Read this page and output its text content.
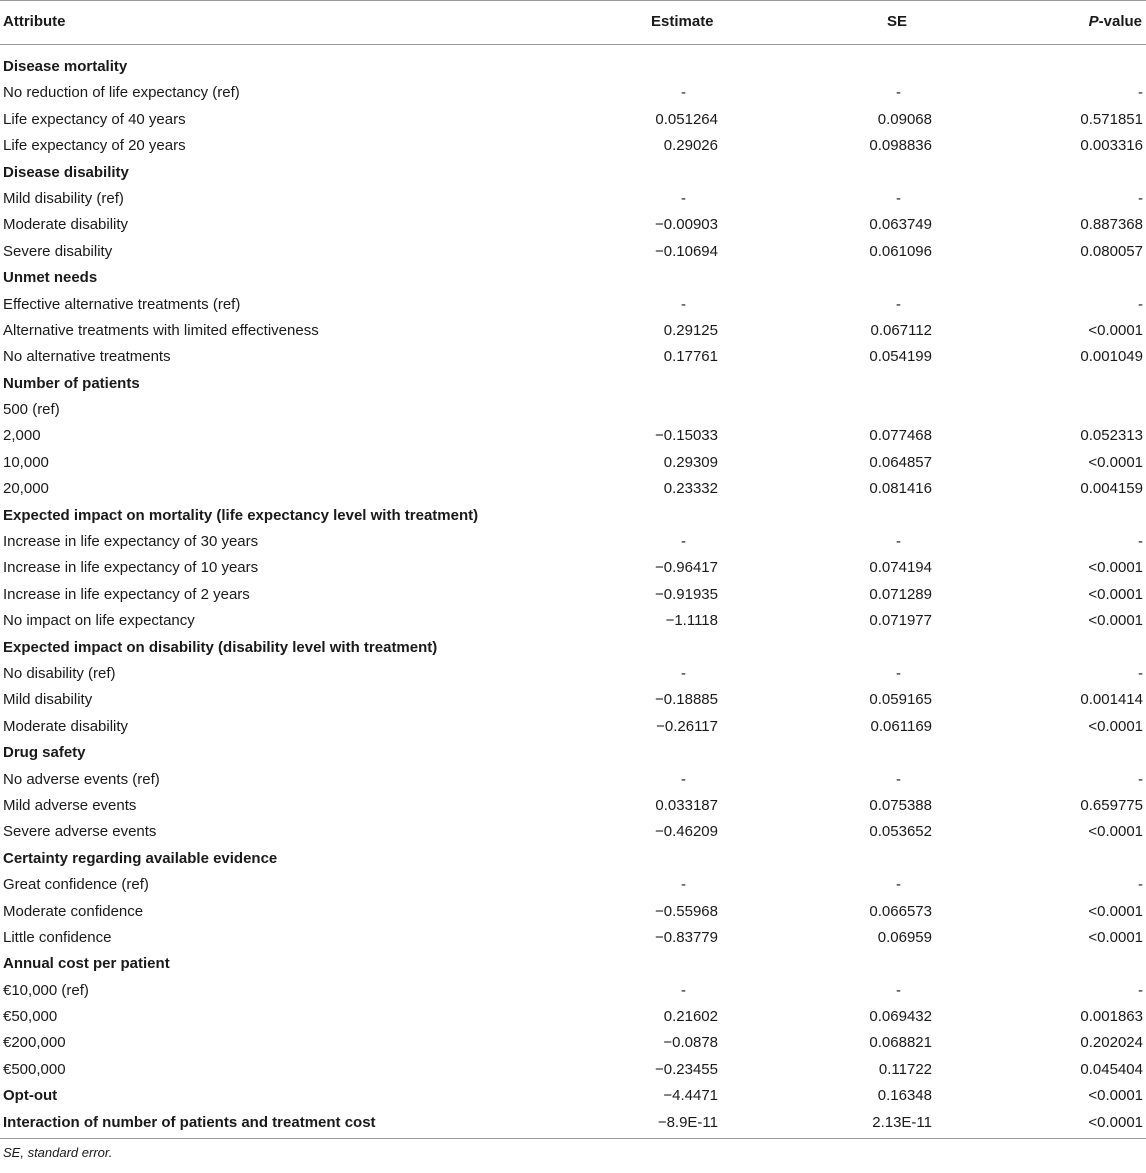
Attribute	Estimate	SE	P-value
Disease mortality
No reduction of life expectancy (ref)	-	-	-
Life expectancy of 40 years	0.051264	0.09068	0.571851
Life expectancy of 20 years	0.29026	0.098836	0.003316
Disease disability
Mild disability (ref)	-	-	-
Moderate disability	−0.00903	0.063749	0.887368
Severe disability	−0.10694	0.061096	0.080057
Unmet needs
Effective alternative treatments (ref)	-	-	-
Alternative treatments with limited effectiveness	0.29125	0.067112	<0.0001
No alternative treatments	0.17761	0.054199	0.001049
Number of patients
500 (ref)
2,000	−0.15033	0.077468	0.052313
10,000	0.29309	0.064857	<0.0001
20,000	0.23332	0.081416	0.004159
Expected impact on mortality (life expectancy level with treatment)
Increase in life expectancy of 30 years	-	-	-
Increase in life expectancy of 10 years	−0.96417	0.074194	<0.0001
Increase in life expectancy of 2 years	−0.91935	0.071289	<0.0001
No impact on life expectancy	−1.1118	0.071977	<0.0001
Expected impact on disability (disability level with treatment)
No disability (ref)	-	-	-
Mild disability	−0.18885	0.059165	0.001414
Moderate disability	−0.26117	0.061169	<0.0001
Drug safety
No adverse events (ref)	-	-	-
Mild adverse events	0.033187	0.075388	0.659775
Severe adverse events	−0.46209	0.053652	<0.0001
Certainty regarding available evidence
Great confidence (ref)	-	-	-
Moderate confidence	−0.55968	0.066573	<0.0001
Little confidence	−0.83779	0.06959	<0.0001
Annual cost per patient
€10,000 (ref)	-	-	-
€50,000	0.21602	0.069432	0.001863
€200,000	−0.0878	0.068821	0.202024
€500,000	−0.23455	0.11722	0.045404
Opt-out	−4.4471	0.16348	<0.0001
Interaction of number of patients and treatment cost	−8.9E-11	2.13E-11	<0.0001
SE, standard error.
